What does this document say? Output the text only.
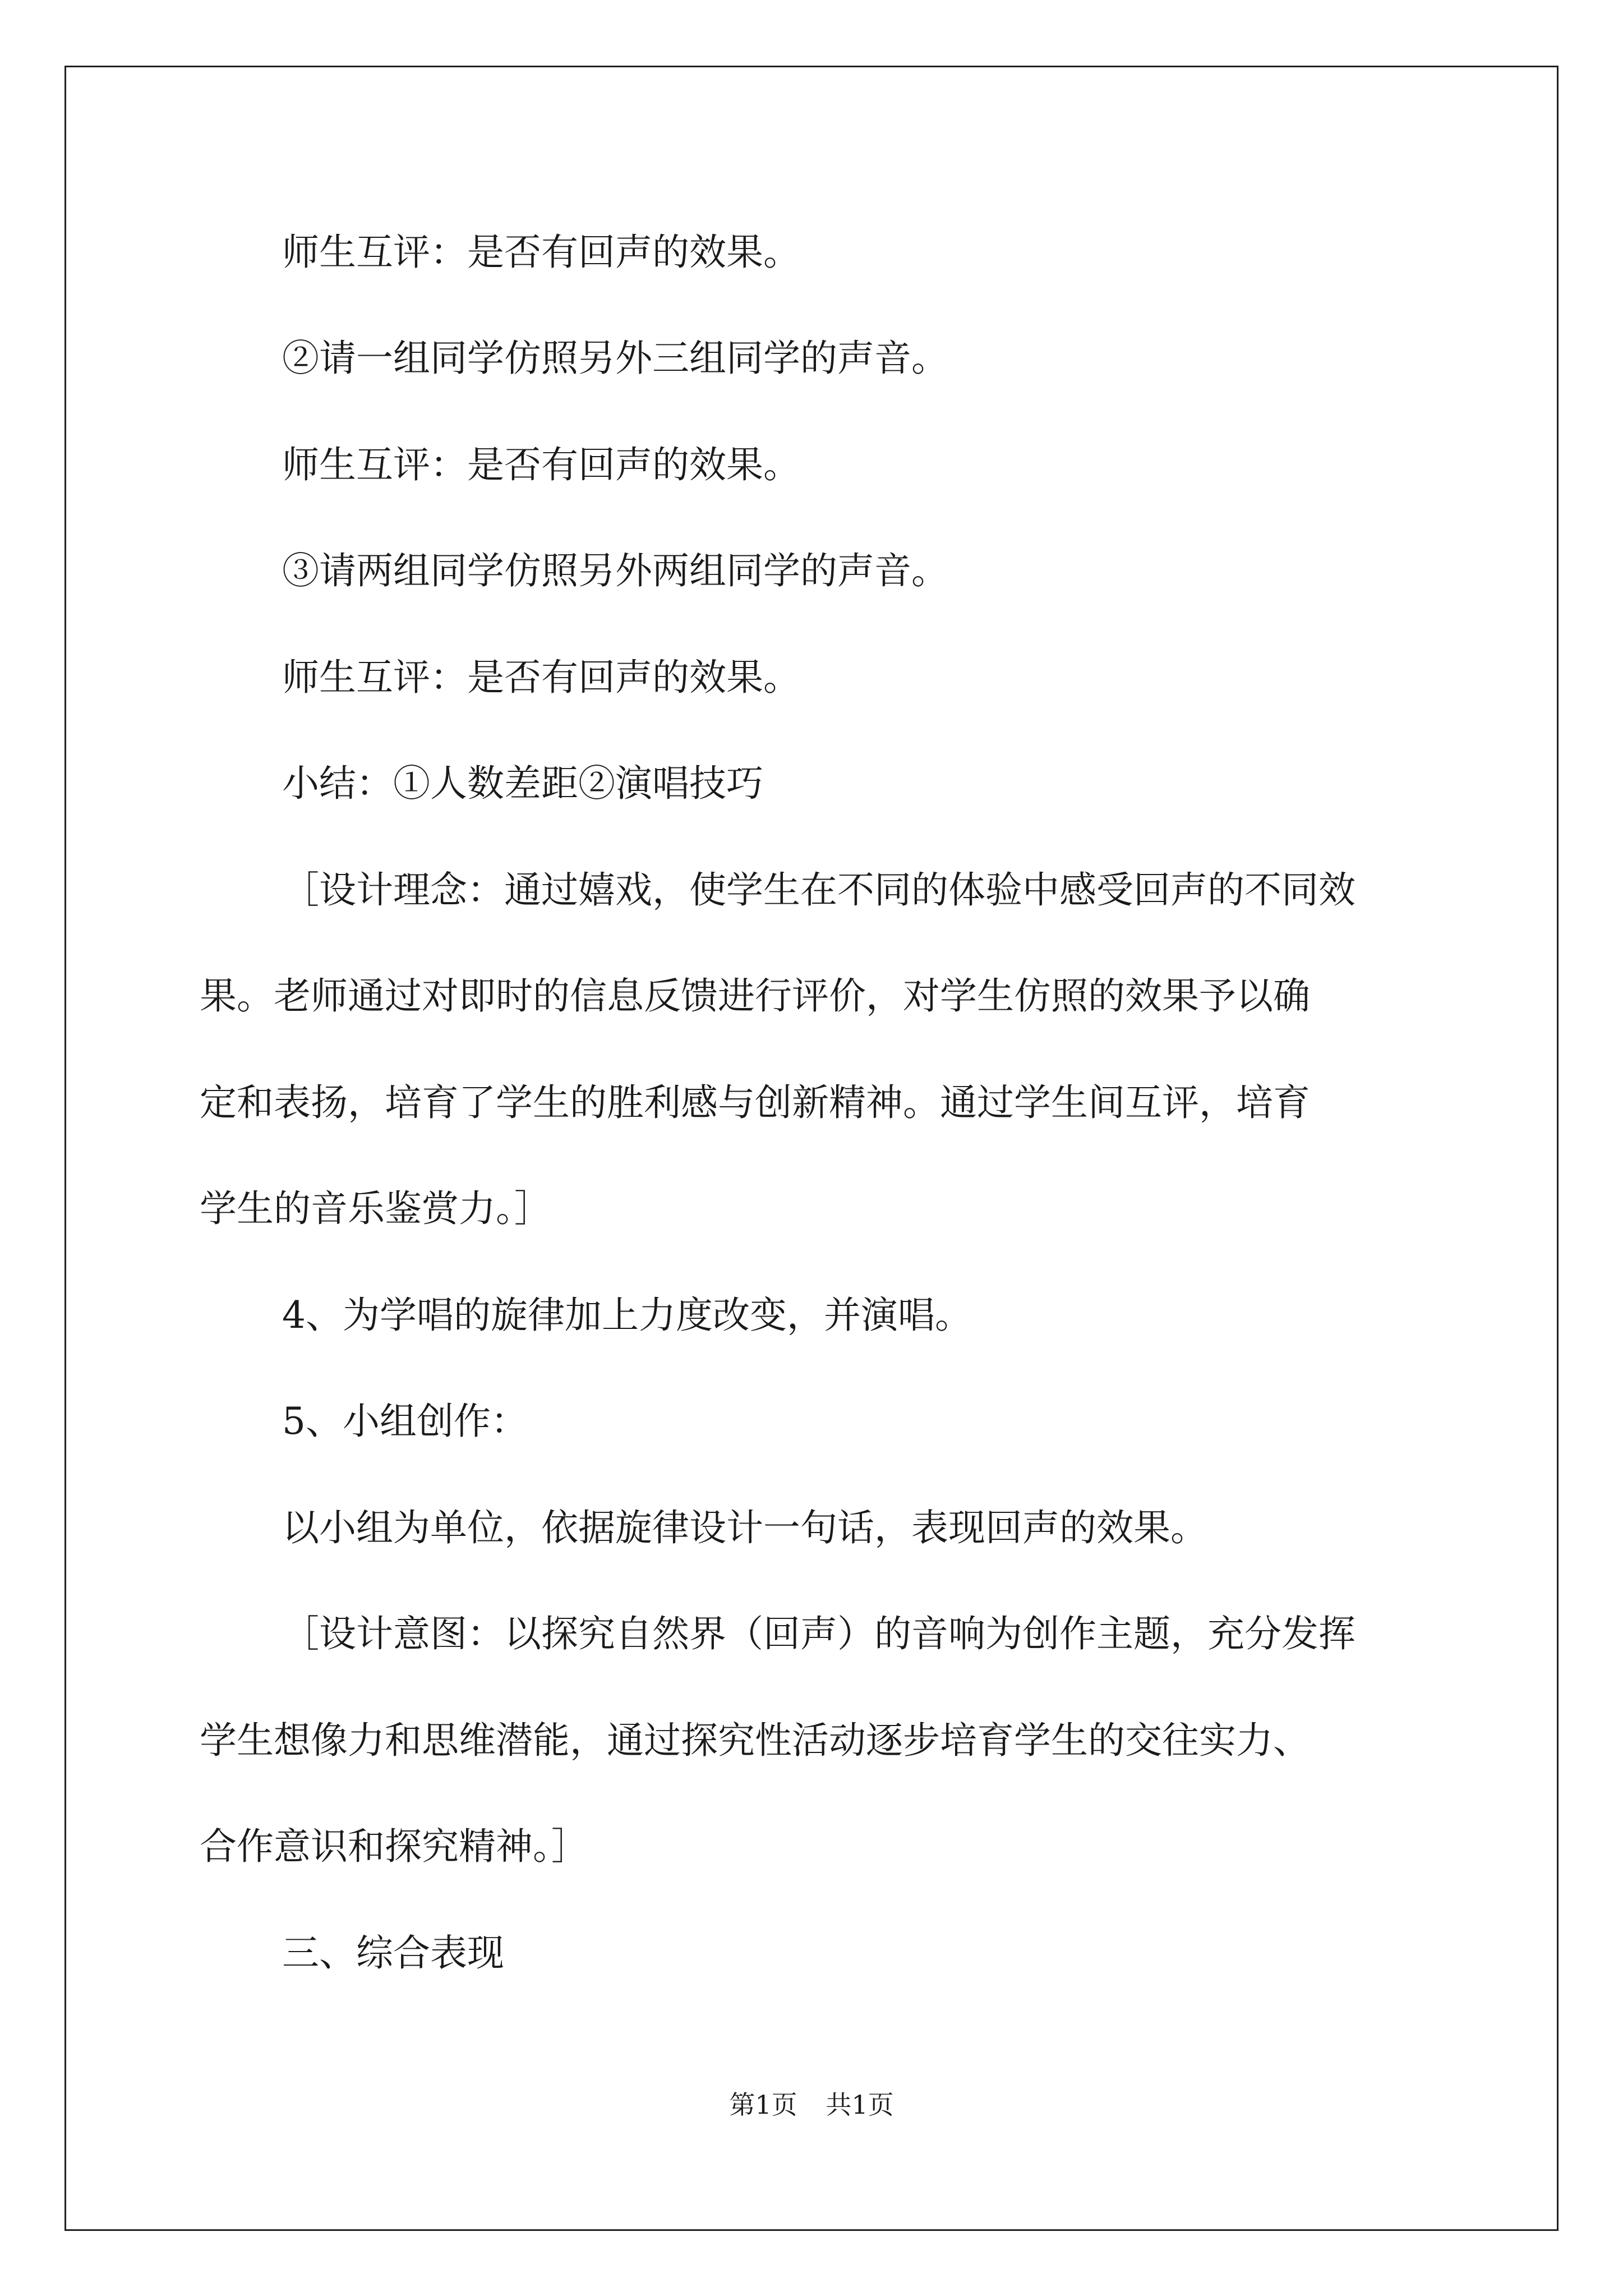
师生互评：是否有回声的效果。
②请一组同学仿照另外三组同学的声音。
师生互评：是否有回声的效果。
③请两组同学仿照另外两组同学的声音。
师生互评：是否有回声的效果。
小结：①人数差距②演唱技巧
［设计理念：通过嬉戏，使学生在不同的体验中感受回声的不同效
果。老师通过对即时的信息反馈进行评价，对学生仿照的效果予以确
定和表扬，培育了学生的胜利感与创新精神。通过学生间互评，培育
学生的音乐鉴赏力。］
4、为学唱的旋律加上力度改变，并演唱。
5、小组创作：
以小组为单位，依据旋律设计一句话，表现回声的效果。
［设计意图：以探究自然界（回声）的音响为创作主题，充分发挥
学生想像力和思维潜能，通过探究性活动逐步培育学生的交往实力、
合作意识和探究精神。］
三、综合表现
第1页 共1页
